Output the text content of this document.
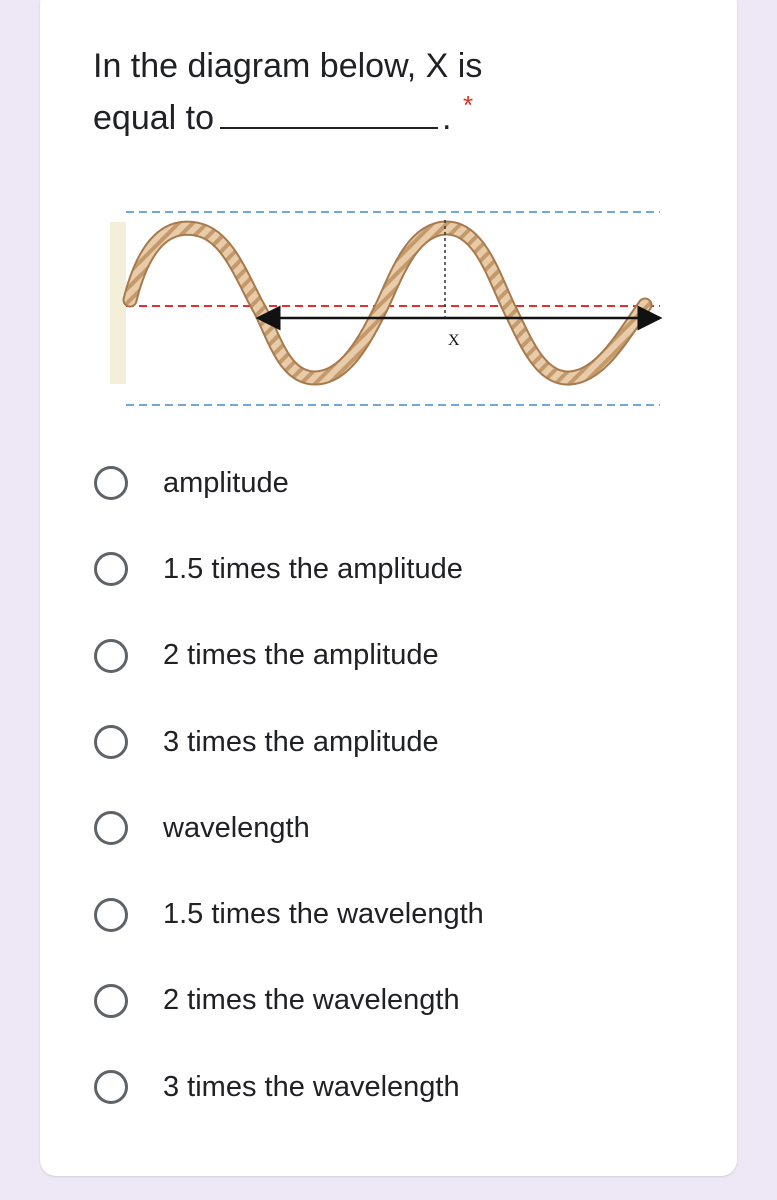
In the diagram below, X is
equal to	. *
X
amplitude
1.5 times the amplitude
2 times the amplitude
3 times the amplitude
wavelength
1.5 times the wavelength
2 times the wavelength
3 times the wavelength
